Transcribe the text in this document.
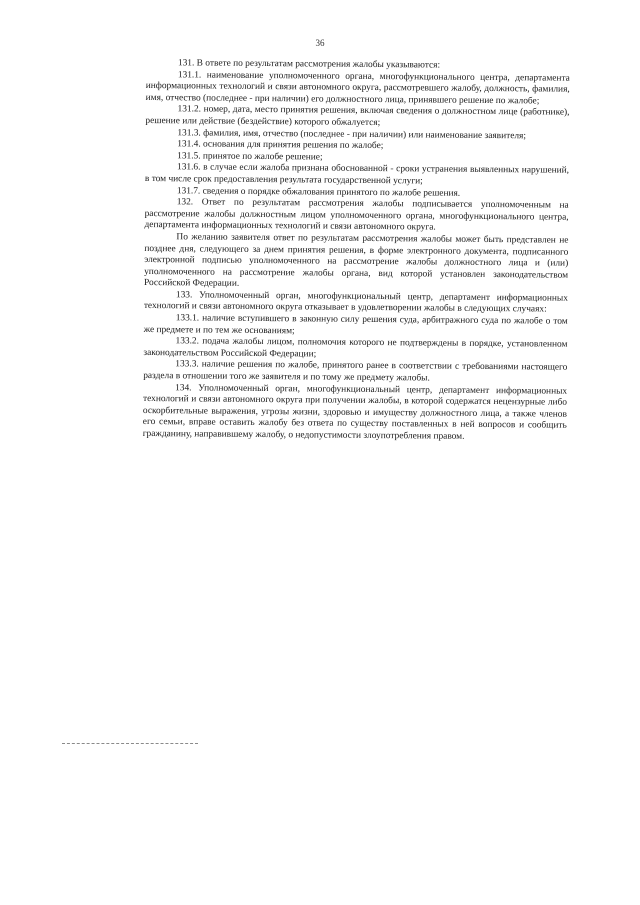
36

131. В ответе по результатам рассмотрения жалобы указываются:

131.1. наименование уполномоченного органа, многофункционального центра, департамента информационных технологий и связи автономного округа, рассмотревшего жалобу, должность, фамилия, имя, отчество (последнее - при наличии) его должностного лица, принявшего решение по жалобе;

131.2. номер, дата, место принятия решения, включая сведения о должностном лице (работнике), решение или действие (бездействие) которого обжалуется;

131.3. фамилия, имя, отчество (последнее - при наличии) или наименование заявителя;

131.4. основания для принятия решения по жалобе;

131.5. принятое по жалобе решение;

131.6. в случае если жалоба признана обоснованной - сроки устранения выявленных нарушений, в том числе срок предоставления результата государственной услуги;

131.7. сведения о порядке обжалования принятого по жалобе решения.

132. Ответ по результатам рассмотрения жалобы подписывается уполномоченным на рассмотрение жалобы должностным лицом уполномоченного органа, многофункционального центра, департамента информационных технологий и связи автономного округа.

По желанию заявителя ответ по результатам рассмотрения жалобы может быть представлен не позднее дня, следующего за днем принятия решения, в форме электронного документа, подписанного электронной подписью уполномоченного на рассмотрение жалобы должностного лица и (или) уполномоченного на рассмотрение жалобы органа, вид которой установлен законодательством Российской Федерации.

133. Уполномоченный орган, многофункциональный центр, департамент информационных технологий и связи автономного округа отказывает в удовлетворении жалобы в следующих случаях:

133.1. наличие вступившего в законную силу решения суда, арбитражного суда по жалобе о том же предмете и по тем же основаниям;

133.2. подача жалобы лицом, полномочия которого не подтверждены в порядке, установленном законодательством Российской Федерации;

133.3. наличие решения по жалобе, принятого ранее в соответствии с требованиями настоящего раздела в отношении того же заявителя и по тому же предмету жалобы.

134. Уполномоченный орган, многофункциональный центр, департамент информационных технологий и связи автономного округа при получении жалобы, в которой содержатся нецензурные либо оскорбительные выражения, угрозы жизни, здоровью и имуществу должностного лица, а также членов его семьи, вправе оставить жалобу без ответа по существу поставленных в ней вопросов и сообщить гражданину, направившему жалобу, о недопустимости злоупотребления правом.
